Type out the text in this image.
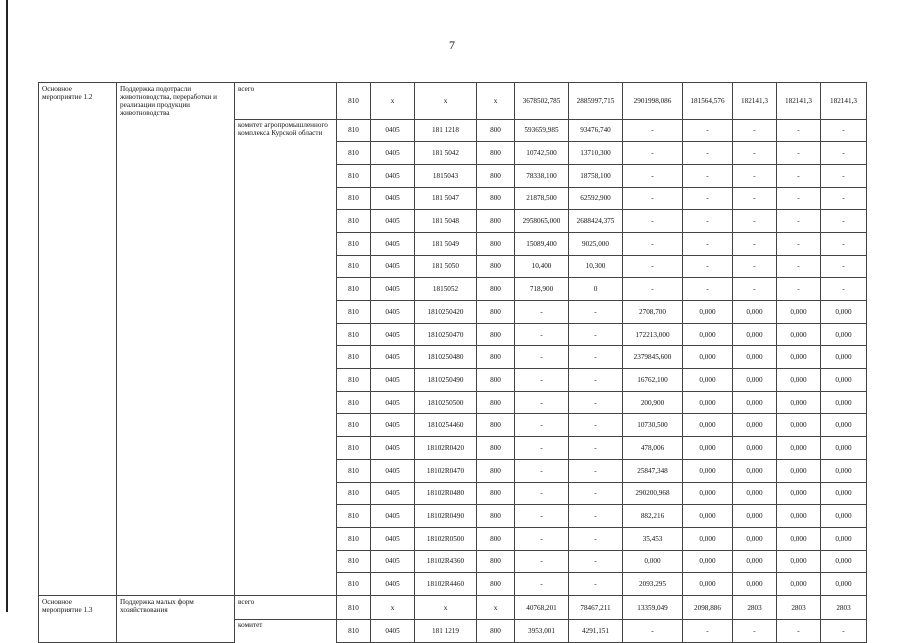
7
Основное мероприятие 1.2	Поддержка подотрасли животноводства, переработки и реализации продукции животноводства	всего	810	х	х	х	3678502,785	2885997,715	2901998,086	181564,576	182141,3	182141,3	182141,3
		комитет агропромышленного комплекса Курской области	810	0405	181 1218	800	593659,985	93476,740	-	-	-	-	-
			810	0405	181 5042	800	10742,500	13710,300	-	-	-	-	-
			810	0405	1815043	800	78338,100	18758,100	-	-	-	-	-
			810	0405	181 5047	800	21878,500	62592,900	-	-	-	-	-
			810	0405	181 5048	800	2958065,000	2688424,375	-	-	-	-	-
			810	0405	181 5049	800	15089,400	9025,000	-	-	-	-	-
			810	0405	181 5050	800	10,400	10,300	-	-	-	-	-
			810	0405	1815052	800	718,900	0	-	-	-	-	-
			810	0405	1810250420	800	-	-	2708,700	0,000	0,000	0,000	0,000
			810	0405	1810250470	800	-	-	172213,000	0,000	0,000	0,000	0,000
			810	0405	1810250480	800	-	-	2379845,600	0,000	0,000	0,000	0,000
			810	0405	1810250490	800	-	-	16762,100	0,000	0,000	0,000	0,000
			810	0405	1810250500	800	-	-	200,900	0,000	0,000	0,000	0,000
			810	0405	1810254460	800	-	-	10730,500	0,000	0,000	0,000	0,000
			810	0405	18102R0420	800	-	-	478,006	0,000	0,000	0,000	0,000
			810	0405	18102R0470	800	-	-	25847,348	0,000	0,000	0,000	0,000
			810	0405	18102R0480	800	-	-	290200,968	0,000	0,000	0,000	0,000
			810	0405	18102R0490	800	-	-	882,216	0,000	0,000	0,000	0,000
			810	0405	18102R0500	800	-	-	35,453	0,000	0,000	0,000	0,000
			810	0405	18102R4360	800	-	-	0,000	0,000	0,000	0,000	0,000
			810	0405	18102R4460	800	-	-	2093,295	0,000	0,000	0,000	0,000
Основное мероприятие 1.3	Поддержка малых форм хозяйствования	всего	810	х	х	х	40768,201	78467,211	13359,049	2098,886	2803	2803	2803
		комитет	810	0405	181 1219	800	3953,001	4291,151	-	-	-	-	-
